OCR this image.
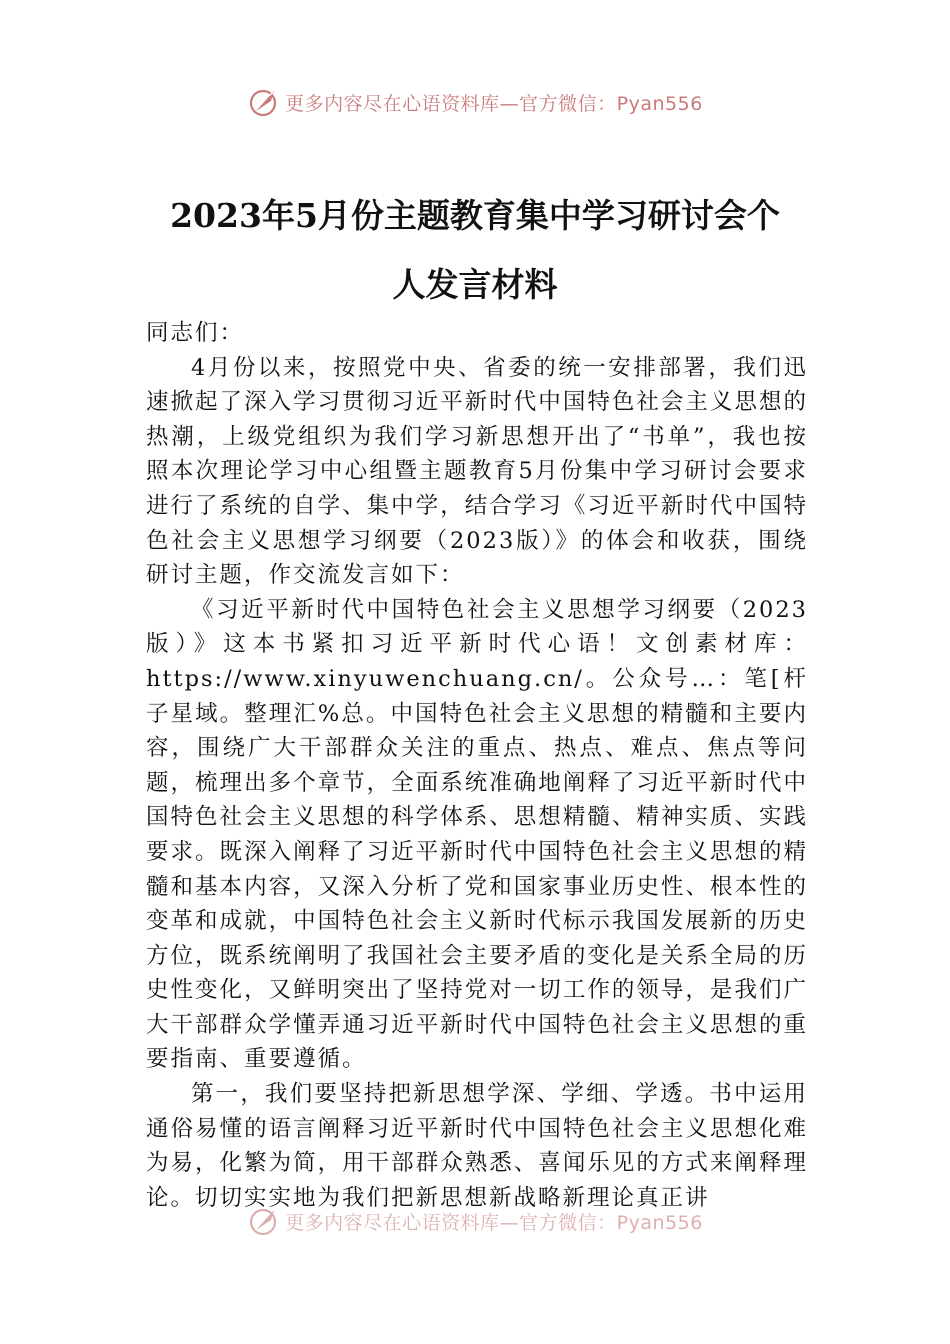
更多内容尽在心语资料库—官方微信：Pyan556
2023年5月份主题教育集中学习研讨会个
人发言材料

同志们：

4月份以来，按照党中央、省委的统一安排部署，我们迅速掀起了深入学习贯彻习近平新时代中国特色社会主义思想的热潮，上级党组织为我们学习新思想开出了“书单”，我也按照本次理论学习中心组暨主题教育5月份集中学习研讨会要求进行了系统的自学、集中学，结合学习《习近平新时代中国特色社会主义思想学习纲要（2023版）》的体会和收获，围绕研讨主题，作交流发言如下：

《习近平新时代中国特色社会主义思想学习纲要（2023版）》这本书紧扣习近平新时代心语！文创素材库：https://www.xinyuwenchuang.cn/。公众号…：笔[杆子星域。整理汇%总。中国特色社会主义思想的精髓和主要内容，围绕广大干部群众关注的重点、热点、难点、焦点等问题，梳理出多个章节，全面系统准确地阐释了习近平新时代中国特色社会主义思想的科学体系、思想精髓、精神实质、实践要求。既深入阐释了习近平新时代中国特色社会主义思想的精髓和基本内容，又深入分析了党和国家事业历史性、根本性的变革和成就，中国特色社会主义新时代标示我国发展新的历史方位，既系统阐明了我国社会主要矛盾的变化是关系全局的历史性变化，又鲜明突出了坚持党对一切工作的领导，是我们广大干部群众学懂弄通习近平新时代中国特色社会主义思想的重要指南、重要遵循。

第一，我们要坚持把新思想学深、学细、学透。书中运用通俗易懂的语言阐释习近平新时代中国特色社会主义思想化难为易，化繁为简，用干部群众熟悉、喜闻乐见的方式来阐释理论。切切实实地为我们把新思想新战略新理论真正讲

更多内容尽在心语资料库—官方微信：Pyan556
